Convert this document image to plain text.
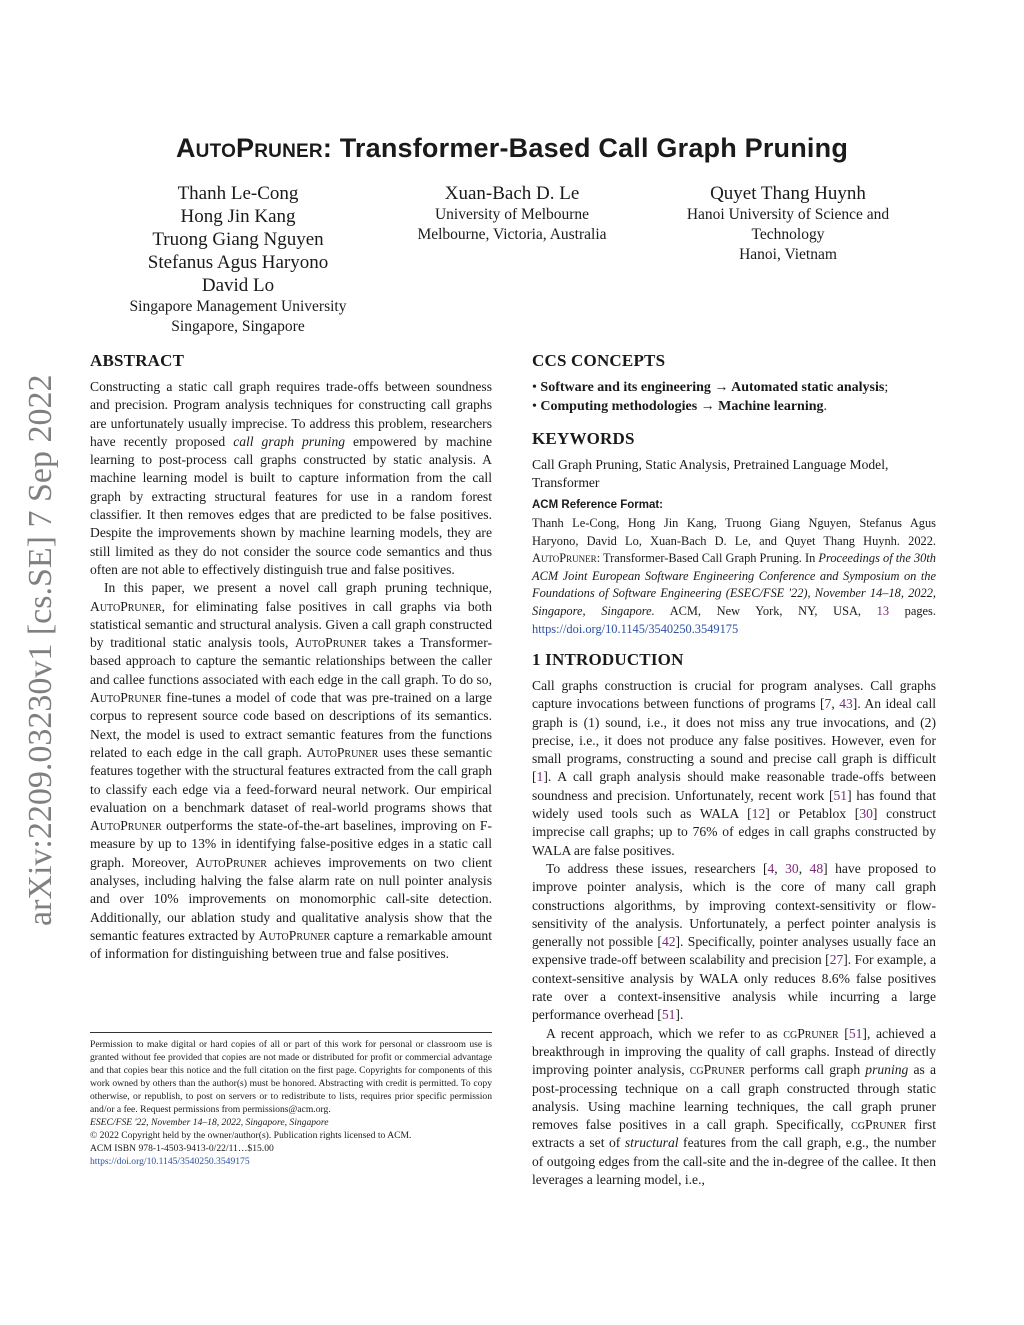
arXiv:2209.03230v1 [cs.SE] 7 Sep 2022
AutoPruner: Transformer-Based Call Graph Pruning
Thanh Le-Cong
Hong Jin Kang
Truong Giang Nguyen
Stefanus Agus Haryono
David Lo
Singapore Management University
Singapore, Singapore
Xuan-Bach D. Le
University of Melbourne
Melbourne, Victoria, Australia
Quyet Thang Huynh
Hanoi University of Science and Technology
Hanoi, Vietnam
ABSTRACT

Constructing a static call graph requires trade-offs between soundness and precision. Program analysis techniques for constructing call graphs are unfortunately usually imprecise. To address this problem, researchers have recently proposed call graph pruning empowered by machine learning to post-process call graphs constructed by static analysis. A machine learning model is built to capture information from the call graph by extracting structural features for use in a random forest classifier. It then removes edges that are predicted to be false positives. Despite the improvements shown by machine learning models, they are still limited as they do not consider the source code semantics and thus often are not able to effectively distinguish true and false positives.

In this paper, we present a novel call graph pruning technique, AutoPruner, for eliminating false positives in call graphs via both statistical semantic and structural analysis. Given a call graph constructed by traditional static analysis tools, AutoPruner takes a Transformer-based approach to capture the semantic relationships between the caller and callee functions associated with each edge in the call graph. To do so, AutoPruner fine-tunes a model of code that was pre-trained on a large corpus to represent source code based on descriptions of its semantics. Next, the model is used to extract semantic features from the functions related to each edge in the call graph. AutoPruner uses these semantic features together with the structural features extracted from the call graph to classify each edge via a feed-forward neural network. Our empirical evaluation on a benchmark dataset of real-world programs shows that AutoPruner outperforms the state-of-the-art baselines, improving on F-measure by up to 13% in identifying false-positive edges in a static call graph. Moreover, AutoPruner achieves improvements on two client analyses, including halving the false alarm rate on null pointer analysis and over 10% improvements on monomorphic call-site detection. Additionally, our ablation study and qualitative analysis show that the semantic features extracted by AutoPruner capture a remarkable amount of information for distinguishing between true and false positives.

Permission to make digital or hard copies of all or part of this work for personal or classroom use is granted without fee provided that copies are not made or distributed for profit or commercial advantage and that copies bear this notice and the full citation on the first page. Copyrights for components of this work owned by others than the author(s) must be honored. Abstracting with credit is permitted. To copy otherwise, or republish, to post on servers or to redistribute to lists, requires prior specific permission and/or a fee. Request permissions from permissions@acm.org.

ESEC/FSE '22, November 14–18, 2022, Singapore, Singapore

© 2022 Copyright held by the owner/author(s). Publication rights licensed to ACM.

ACM ISBN 978-1-4503-9413-0/22/11…$15.00

https://doi.org/10.1145/3540250.3549175

CCS CONCEPTS
• Software and its engineering → Automated static analysis;
• Computing methodologies → Machine learning.
KEYWORDS

Call Graph Pruning, Static Analysis, Pretrained Language Model, Transformer

ACM Reference Format:

Thanh Le-Cong, Hong Jin Kang, Truong Giang Nguyen, Stefanus Agus Haryono, David Lo, Xuan-Bach D. Le, and Quyet Thang Huynh. 2022. AutoPruner: Transformer-Based Call Graph Pruning. In Proceedings of the 30th ACM Joint European Software Engineering Conference and Symposium on the Foundations of Software Engineering (ESEC/FSE '22), November 14–18, 2022, Singapore, Singapore. ACM, New York, NY, USA, 13 pages. https://doi.org/10.1145/3540250.3549175

1 INTRODUCTION

Call graphs construction is crucial for program analyses. Call graphs capture invocations between functions of programs [7, 43]. An ideal call graph is (1) sound, i.e., it does not miss any true invocations, and (2) precise, i.e., it does not produce any false positives. However, even for small programs, constructing a sound and precise call graph is difficult [1]. A call graph analysis should make reasonable trade-offs between soundness and precision. Unfortunately, recent work [51] has found that widely used tools such as WALA [12] or Petablox [30] construct imprecise call graphs; up to 76% of edges in call graphs constructed by WALA are false positives.

To address these issues, researchers [4, 30, 48] have proposed to improve pointer analysis, which is the core of many call graph constructions algorithms, by improving context-sensitivity or flow-sensitivity of the analysis. Unfortunately, a perfect pointer analysis is generally not possible [42]. Specifically, pointer analyses usually face an expensive trade-off between scalability and precision [27]. For example, a context-sensitive analysis by WALA only reduces 8.6% false positives rate over a context-insensitive analysis while incurring a large performance overhead [51].

A recent approach, which we refer to as cgPruner [51], achieved a breakthrough in improving the quality of call graphs. Instead of directly improving pointer analysis, cgPruner performs call graph pruning as a post-processing technique on a call graph constructed through static analysis. Using machine learning techniques, the call graph pruner removes false positives in a call graph. Specifically, cgPruner first extracts a set of structural features from the call graph, e.g., the number of outgoing edges from the call-site and the in-degree of the callee. It then leverages a learning model, i.e.,
